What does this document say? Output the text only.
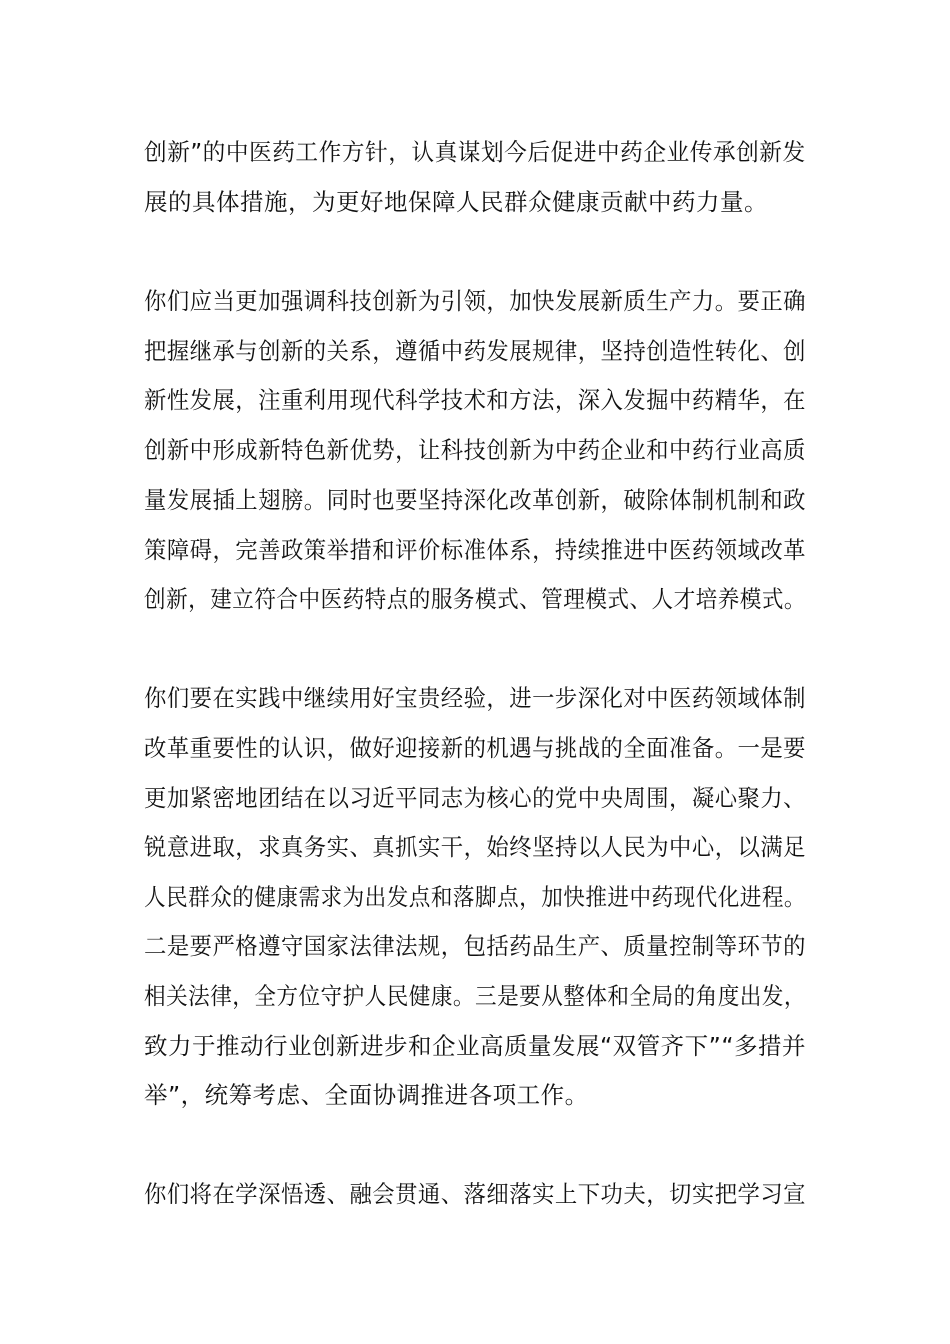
创新”的中医药工作方针，认真谋划今后促进中药企业传承创新发
展的具体措施，为更好地保障人民群众健康贡献中药力量。
你们应当更加强调科技创新为引领，加快发展新质生产力。要正确
把握继承与创新的关系，遵循中药发展规律，坚持创造性转化、创
新性发展，注重利用现代科学技术和方法，深入发掘中药精华，在
创新中形成新特色新优势，让科技创新为中药企业和中药行业高质
量发展插上翅膀。同时也要坚持深化改革创新，破除体制机制和政
策障碍，完善政策举措和评价标准体系，持续推进中医药领域改革
创新，建立符合中医药特点的服务模式、管理模式、人才培养模式。
你们要在实践中继续用好宝贵经验，进一步深化对中医药领域体制
改革重要性的认识，做好迎接新的机遇与挑战的全面准备。一是要
更加紧密地团结在以习近平同志为核心的党中央周围，凝心聚力、
锐意进取，求真务实、真抓实干，始终坚持以人民为中心，以满足
人民群众的健康需求为出发点和落脚点，加快推进中药现代化进程。
二是要严格遵守国家法律法规，包括药品生产、质量控制等环节的
相关法律，全方位守护人民健康。三是要从整体和全局的角度出发，
致力于推动行业创新进步和企业高质量发展“双管齐下”“多措并
举”，统筹考虑、全面协调推进各项工作。
你们将在学深悟透、融会贯通、落细落实上下功夫，切实把学习宣
